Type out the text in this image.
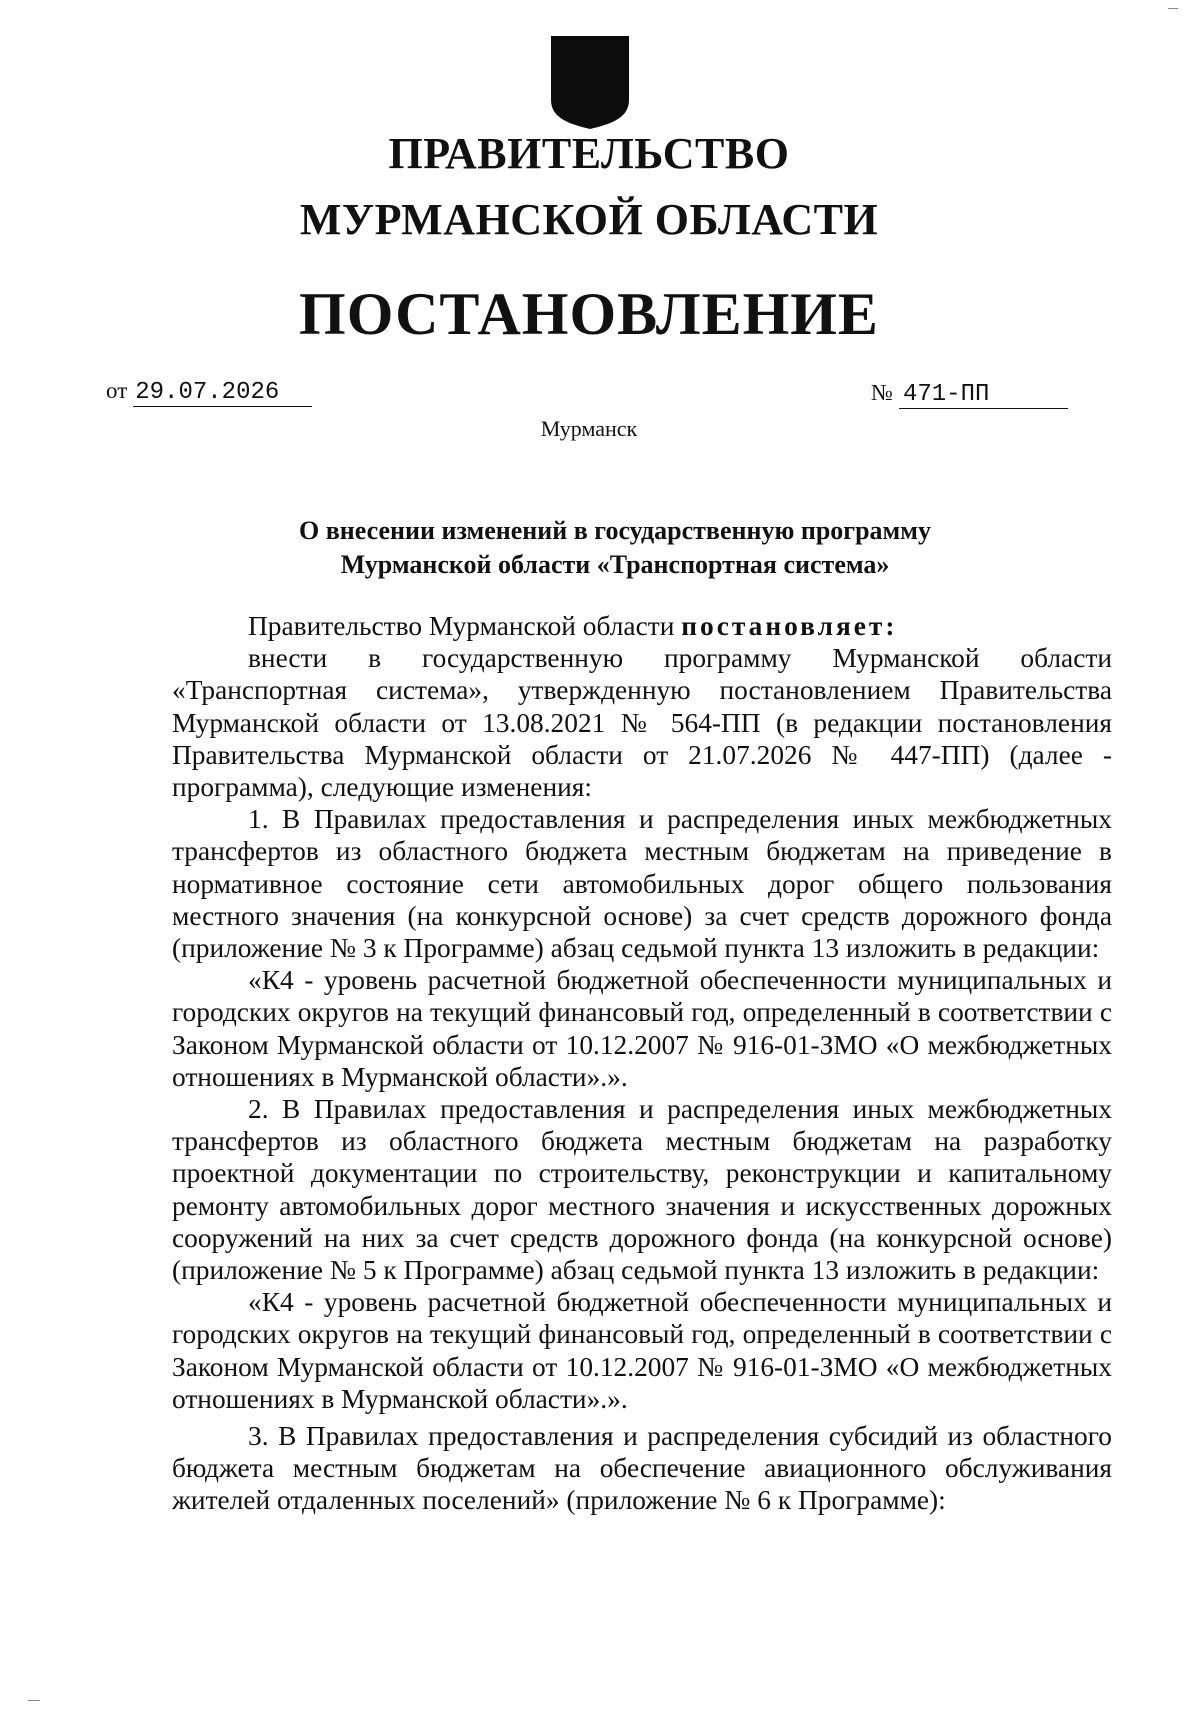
ПРАВИТЕЛЬСТВО
МУРМАНСКОЙ ОБЛАСТИ
ПОСТАНОВЛЕНИЕ
от 29.07.2026	№ 471-ПП
Мурманск
О внесении изменений в государственную программу
Мурманской области «Транспортная система»

Правительство Мурманской области постановляет:

внести в государственную программу Мурманской области «Транспортная система», утвержденную постановлением Правительства Мурманской области от 13.08.2021 № 564-ПП (в редакции постановления Правительства Мурманской области от 21.07.2026 № 447-ПП) (далее - программа), следующие изменения:

1. В Правилах предоставления и распределения иных межбюджетных трансфертов из областного бюджета местным бюджетам на приведение в нормативное состояние сети автомобильных дорог общего пользования местного значения (на конкурсной основе) за счет средств дорожного фонда (приложение № 3 к Программе) абзац седьмой пункта 13 изложить в редакции:

«К4 - уровень расчетной бюджетной обеспеченности муниципальных и городских округов на текущий финансовый год, определенный в соответствии с Законом Мурманской области от 10.12.2007 № 916-01-ЗМО «О межбюджетных отношениях в Мурманской области».».

2. В Правилах предоставления и распределения иных межбюджетных трансфертов из областного бюджета местным бюджетам на разработку проектной документации по строительству, реконструкции и капитальному ремонту автомобильных дорог местного значения и искусственных дорожных сооружений на них за счет средств дорожного фонда (на конкурсной основе) (приложение № 5 к Программе) абзац седьмой пункта 13 изложить в редакции:

«К4 - уровень расчетной бюджетной обеспеченности муниципальных и городских округов на текущий финансовый год, определенный в соответствии с Законом Мурманской области от 10.12.2007 № 916-01-ЗМО «О межбюджетных отношениях в Мурманской области».».

3. В Правилах предоставления и распределения субсидий из областного бюджета местным бюджетам на обеспечение авиационного обслуживания жителей отдаленных поселений» (приложение № 6 к Программе):
